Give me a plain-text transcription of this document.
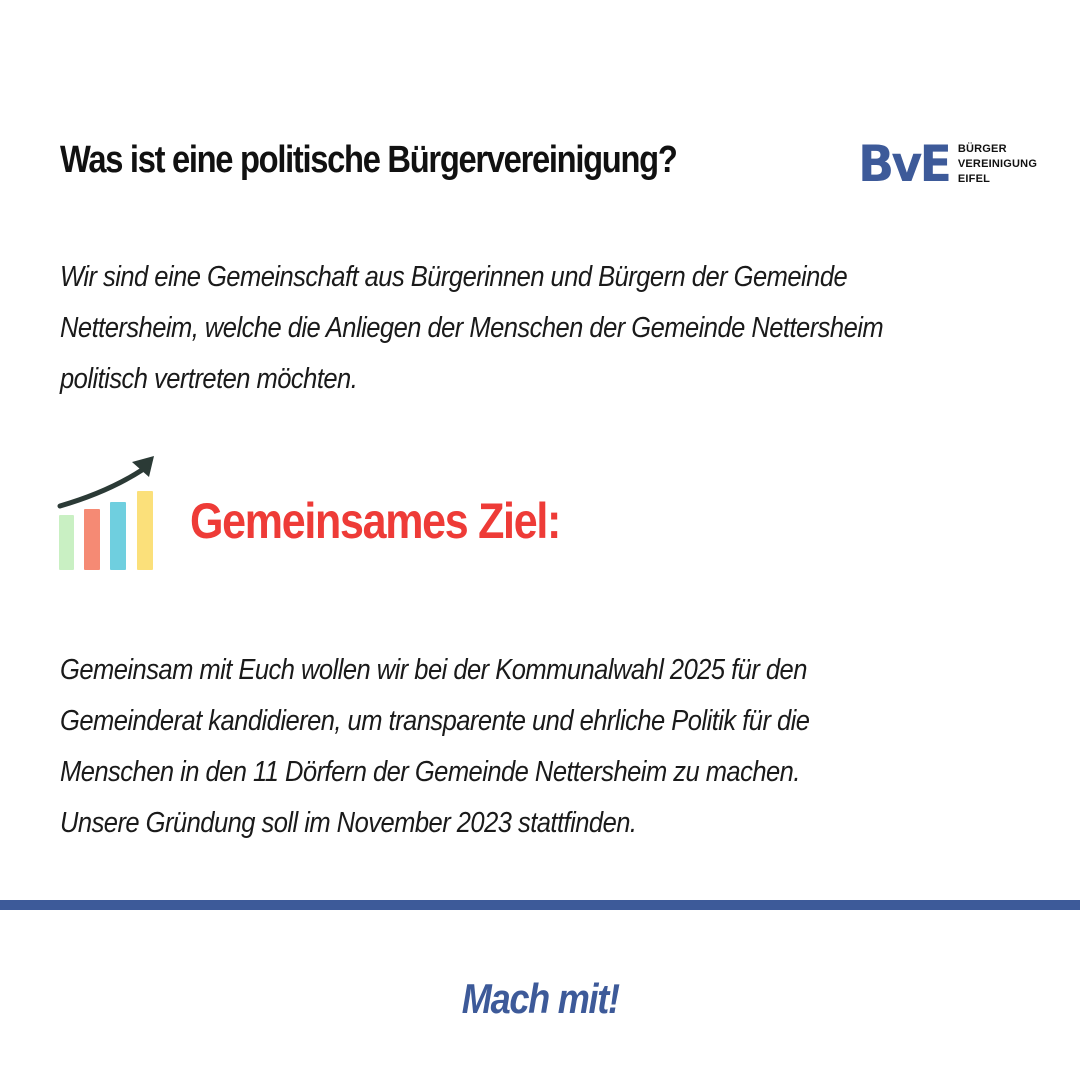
Was ist eine politische Bürgervereinigung?	BvE BÜRGER
VEREINIGUNG
EIFEL

Wir sind eine Gemeinschaft aus Bürgerinnen und Bürgern der Gemeinde Nettersheim, welche die Anliegen der Menschen der Gemeinde Nettersheim politisch vertreten möchten.

Gemeinsames Ziel:
Gemeinsam mit Euch wollen wir bei der Kommunalwahl 2025 für den
Gemeinderat kandidieren, um transparente und ehrliche Politik für die
Menschen in den 11 Dörfern der Gemeinde Nettersheim zu machen.
Unsere Gründung soll im November 2023 stattfinden.

Mach mit!
